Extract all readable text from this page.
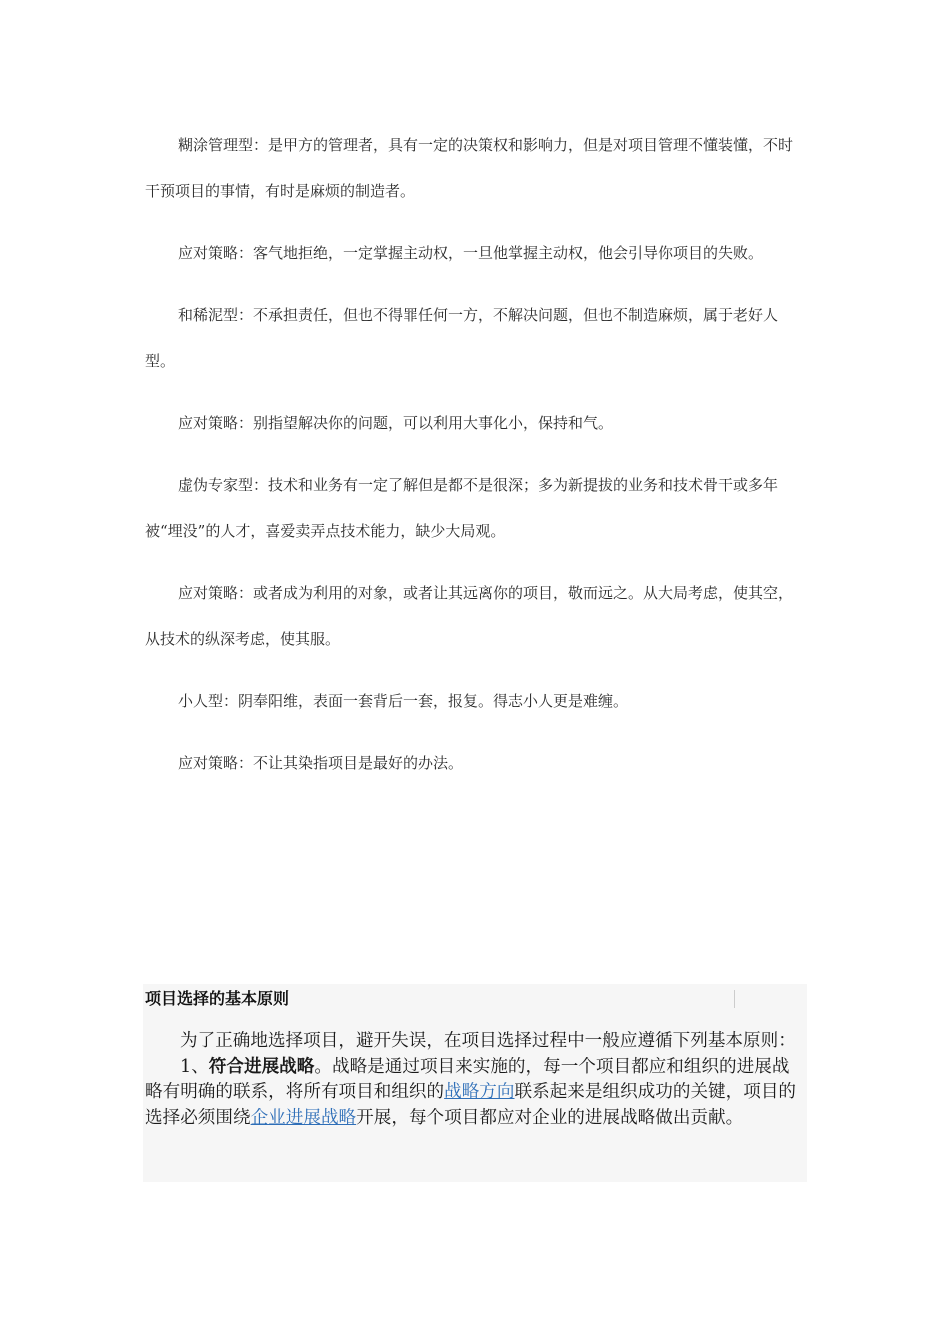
糊涂管理型：是甲方的管理者，具有一定的决策权和影响力，但是对项目管理不懂装懂，不时干预项目的事情，有时是麻烦的制造者。

应对策略：客气地拒绝，一定掌握主动权，一旦他掌握主动权，他会引导你项目的失败。

和稀泥型：不承担责任，但也不得罪任何一方，不解决问题，但也不制造麻烦，属于老好人型。

应对策略：别指望解决你的问题，可以利用大事化小，保持和气。

虚伪专家型：技术和业务有一定了解但是都不是很深；多为新提拔的业务和技术骨干或多年被“埋没”的人才，喜爱卖弄点技术能力，缺少大局观。

应对策略：或者成为利用的对象，或者让其远离你的项目，敬而远之。从大局考虑，使其空，从技术的纵深考虑，使其服。

小人型：阴奉阳维，表面一套背后一套，报复。得志小人更是难缠。

应对策略：不让其染指项目是最好的办法。

项目选择的基本原则

为了正确地选择项目，避开失误，在项目选择过程中一般应遵循下列基本原则：

1、符合进展战略。战略是通过项目来实施的，每一个项目都应和组织的进展战略有明确的联系，将所有项目和组织的战略方向联系起来是组织成功的关键，项目的选择必须围绕企业进展战略开展，每个项目都应对企业的进展战略做出贡献。
